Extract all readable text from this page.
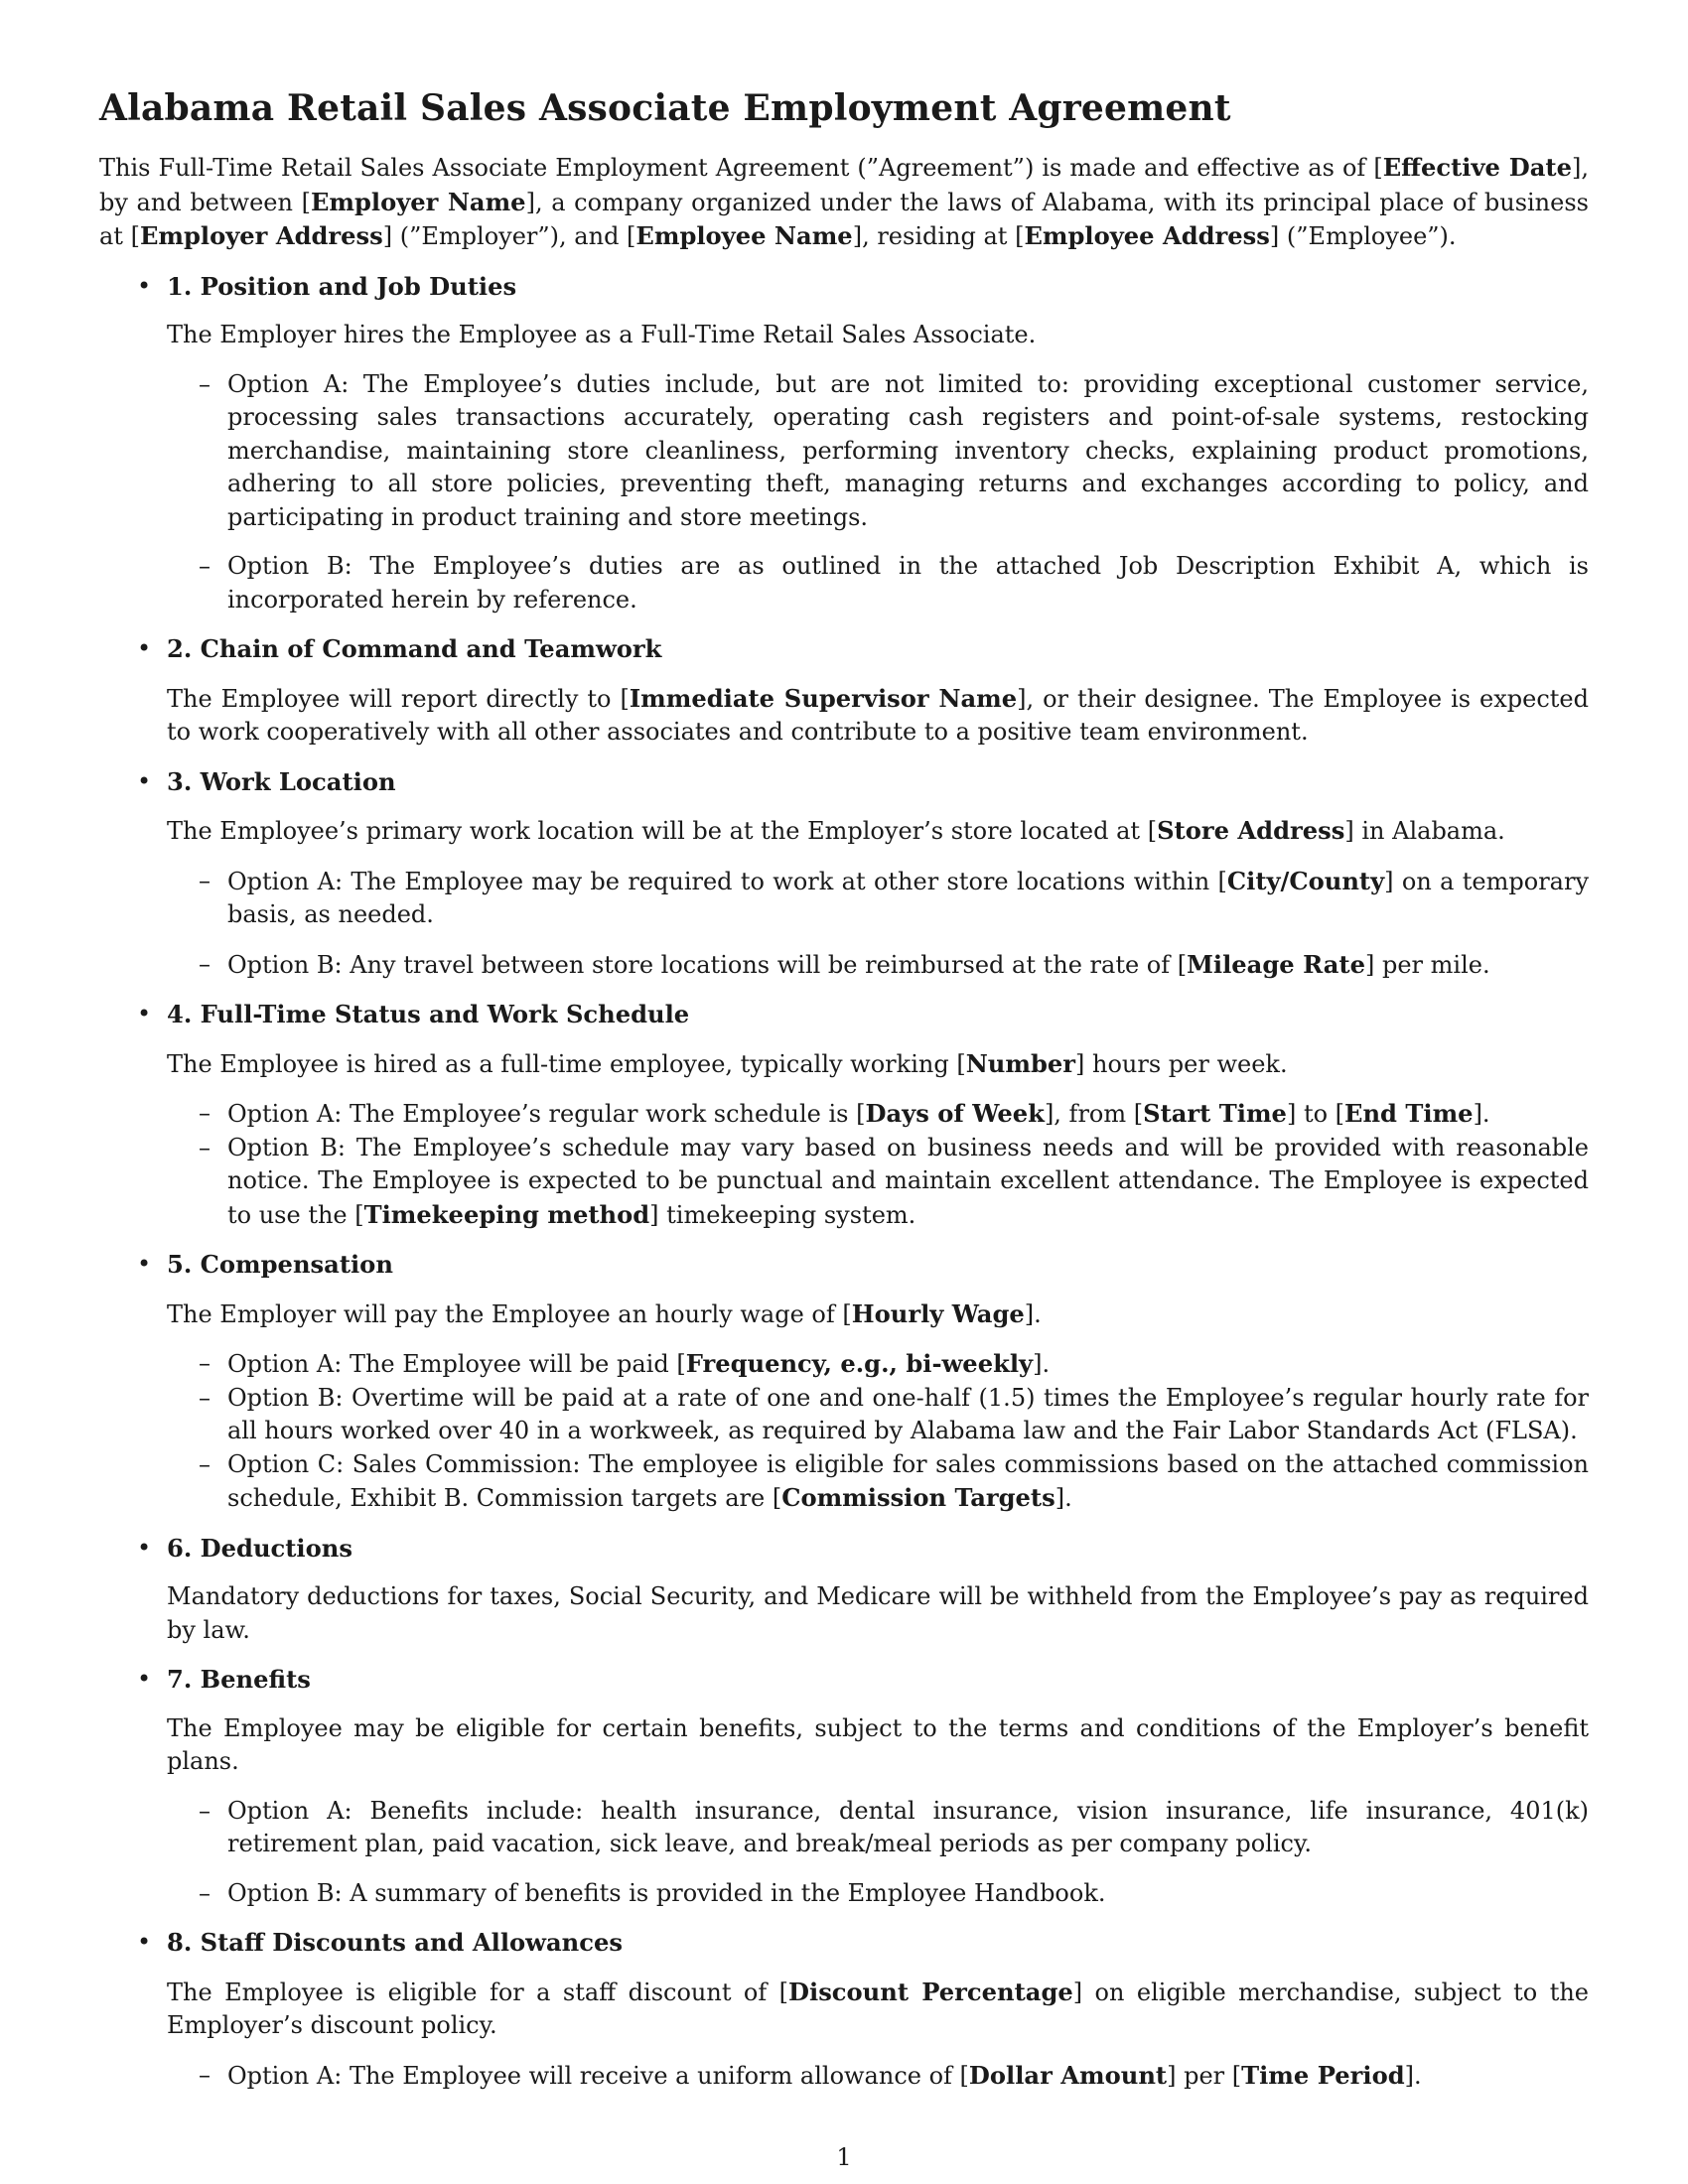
Alabama Retail Sales Associate Employment Agreement

This Full-Time Retail Sales Associate Employment Agreement (”Agreement”) is made and effective as of [Effective Date], by and between [Employer Name], a company organized under the laws of Alabama, with its principal place of business at [Employer Address] (”Employer”), and [Employee Name], residing at [Employee Address] (”Employee”).

• 1. Position and Job Duties

The Employer hires the Employee as a Full-Time Retail Sales Associate.

– Option A: The Employee’s duties include, but are not limited to: providing exceptional customer service, processing sales transactions accurately, operating cash registers and point-of-sale systems, restocking merchandise, maintaining store cleanliness, performing inventory checks, explaining product promotions, adhering to all store policies, preventing theft, managing returns and exchanges according to policy, and participating in product training and store meetings.
– Option B: The Employee’s duties are as outlined in the attached Job Description Exhibit A, which is incorporated herein by reference.
• 2. Chain of Command and Teamwork

The Employee will report directly to [Immediate Supervisor Name], or their designee. The Employee is expected to work cooperatively with all other associates and contribute to a positive team environment.

• 3. Work Location

The Employee’s primary work location will be at the Employer’s store located at [Store Address] in Alabama.

– Option A: The Employee may be required to work at other store locations within [City/County] on a temporary basis, as needed.
– Option B: Any travel between store locations will be reimbursed at the rate of [Mileage Rate] per mile.
• 4. Full-Time Status and Work Schedule

The Employee is hired as a full-time employee, typically working [Number] hours per week.

– Option A: The Employee’s regular work schedule is [Days of Week], from [Start Time] to [End Time].
– Option B: The Employee’s schedule may vary based on business needs and will be provided with reasonable notice. The Employee is expected to be punctual and maintain excellent attendance. The Employee is expected to use the [Timekeeping method] timekeeping system.
• 5. Compensation

The Employer will pay the Employee an hourly wage of [Hourly Wage].

– Option A: The Employee will be paid [Frequency, e.g., bi-weekly].
– Option B: Overtime will be paid at a rate of one and one-half (1.5) times the Employee’s regular hourly rate for all hours worked over 40 in a workweek, as required by Alabama law and the Fair Labor Standards Act (FLSA).
– Option C: Sales Commission: The employee is eligible for sales commissions based on the attached commission schedule, Exhibit B. Commission targets are [Commission Targets].
• 6. Deductions

Mandatory deductions for taxes, Social Security, and Medicare will be withheld from the Employee’s pay as required by law.

• 7. Benefits

The Employee may be eligible for certain benefits, subject to the terms and conditions of the Employer’s benefit plans.

– Option A: Benefits include: health insurance, dental insurance, vision insurance, life insurance, 401(k) retirement plan, paid vacation, sick leave, and break/meal periods as per company policy.
– Option B: A summary of benefits is provided in the Employee Handbook.
• 8. Staff Discounts and Allowances

The Employee is eligible for a staff discount of [Discount Percentage] on eligible merchandise, subject to the Employer’s discount policy.

– Option A: The Employee will receive a uniform allowance of [Dollar Amount] per [Time Period].
1
